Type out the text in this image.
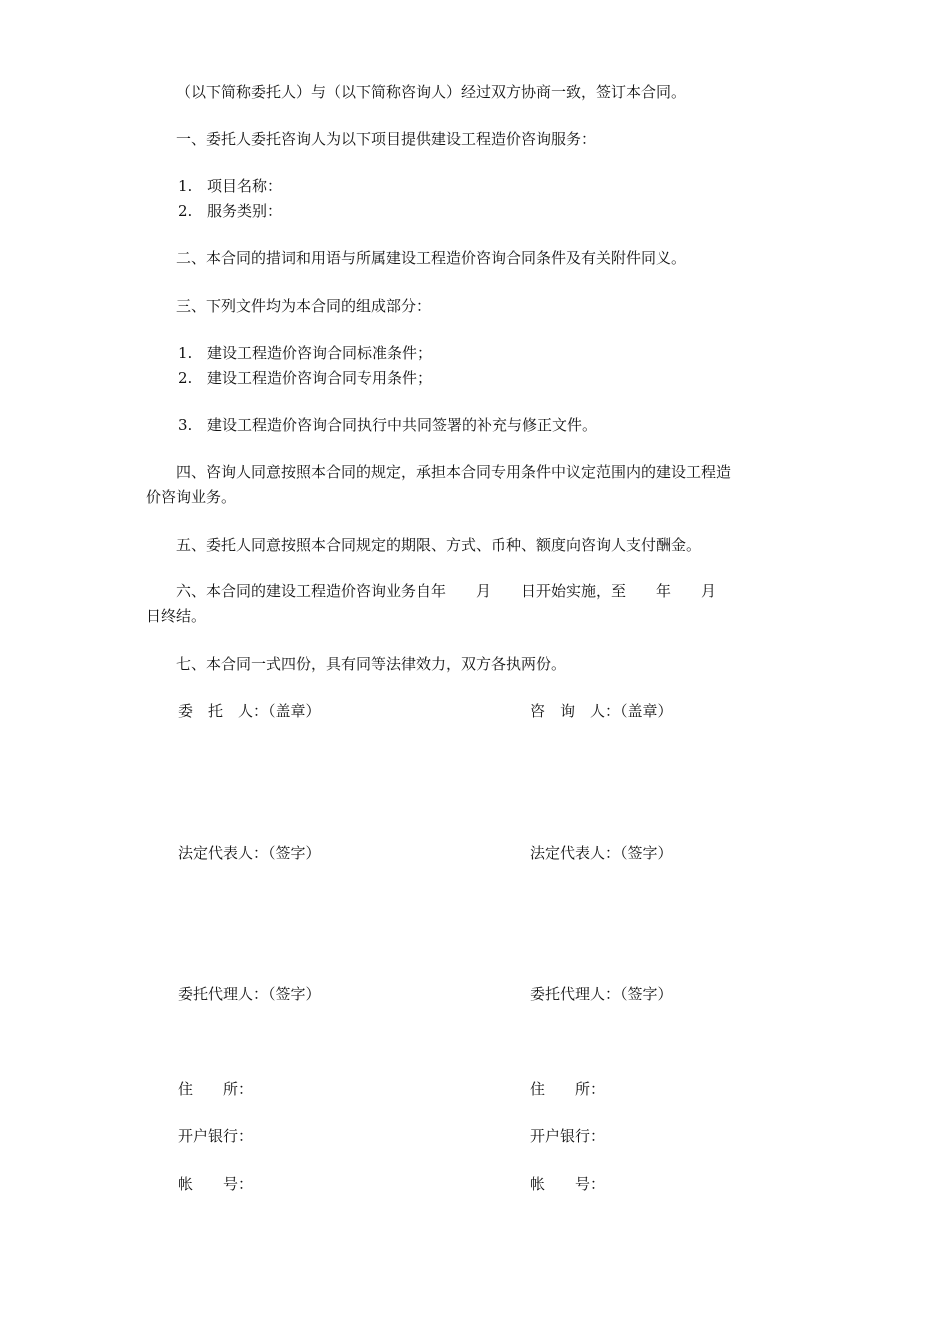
（以下简称委托人）与（以下简称咨询人）经过双方协商一致，签订本合同。
一、委托人委托咨询人为以下项目提供建设工程造价咨询服务：
1. 项目名称：
2. 服务类别：
二、本合同的措词和用语与所属建设工程造价咨询合同条件及有关附件同义。
三、下列文件均为本合同的组成部分：
1. 建设工程造价咨询合同标准条件；
2. 建设工程造价咨询合同专用条件；
3. 建设工程造价咨询合同执行中共同签署的补充与修正文件。
四、咨询人同意按照本合同的规定，承担本合同专用条件中议定范围内的建设工程造
价咨询业务。
五、委托人同意按照本合同规定的期限、方式、币种、额度向咨询人支付酬金。
六、本合同的建设工程造价咨询业务自年　　月　　日开始实施，至　　年　　月
日终结。
七、本合同一式四份，具有同等法律效力，双方各执两份。
委　托　人：（盖章）	咨　询　人：（盖章）
法定代表人：（签字）	法定代表人：（签字）
委托代理人：（签字）	委托代理人：（签字）
住　　所：	住　　所：
开户银行：	开户银行：
帐　　号：	帐　　号：
